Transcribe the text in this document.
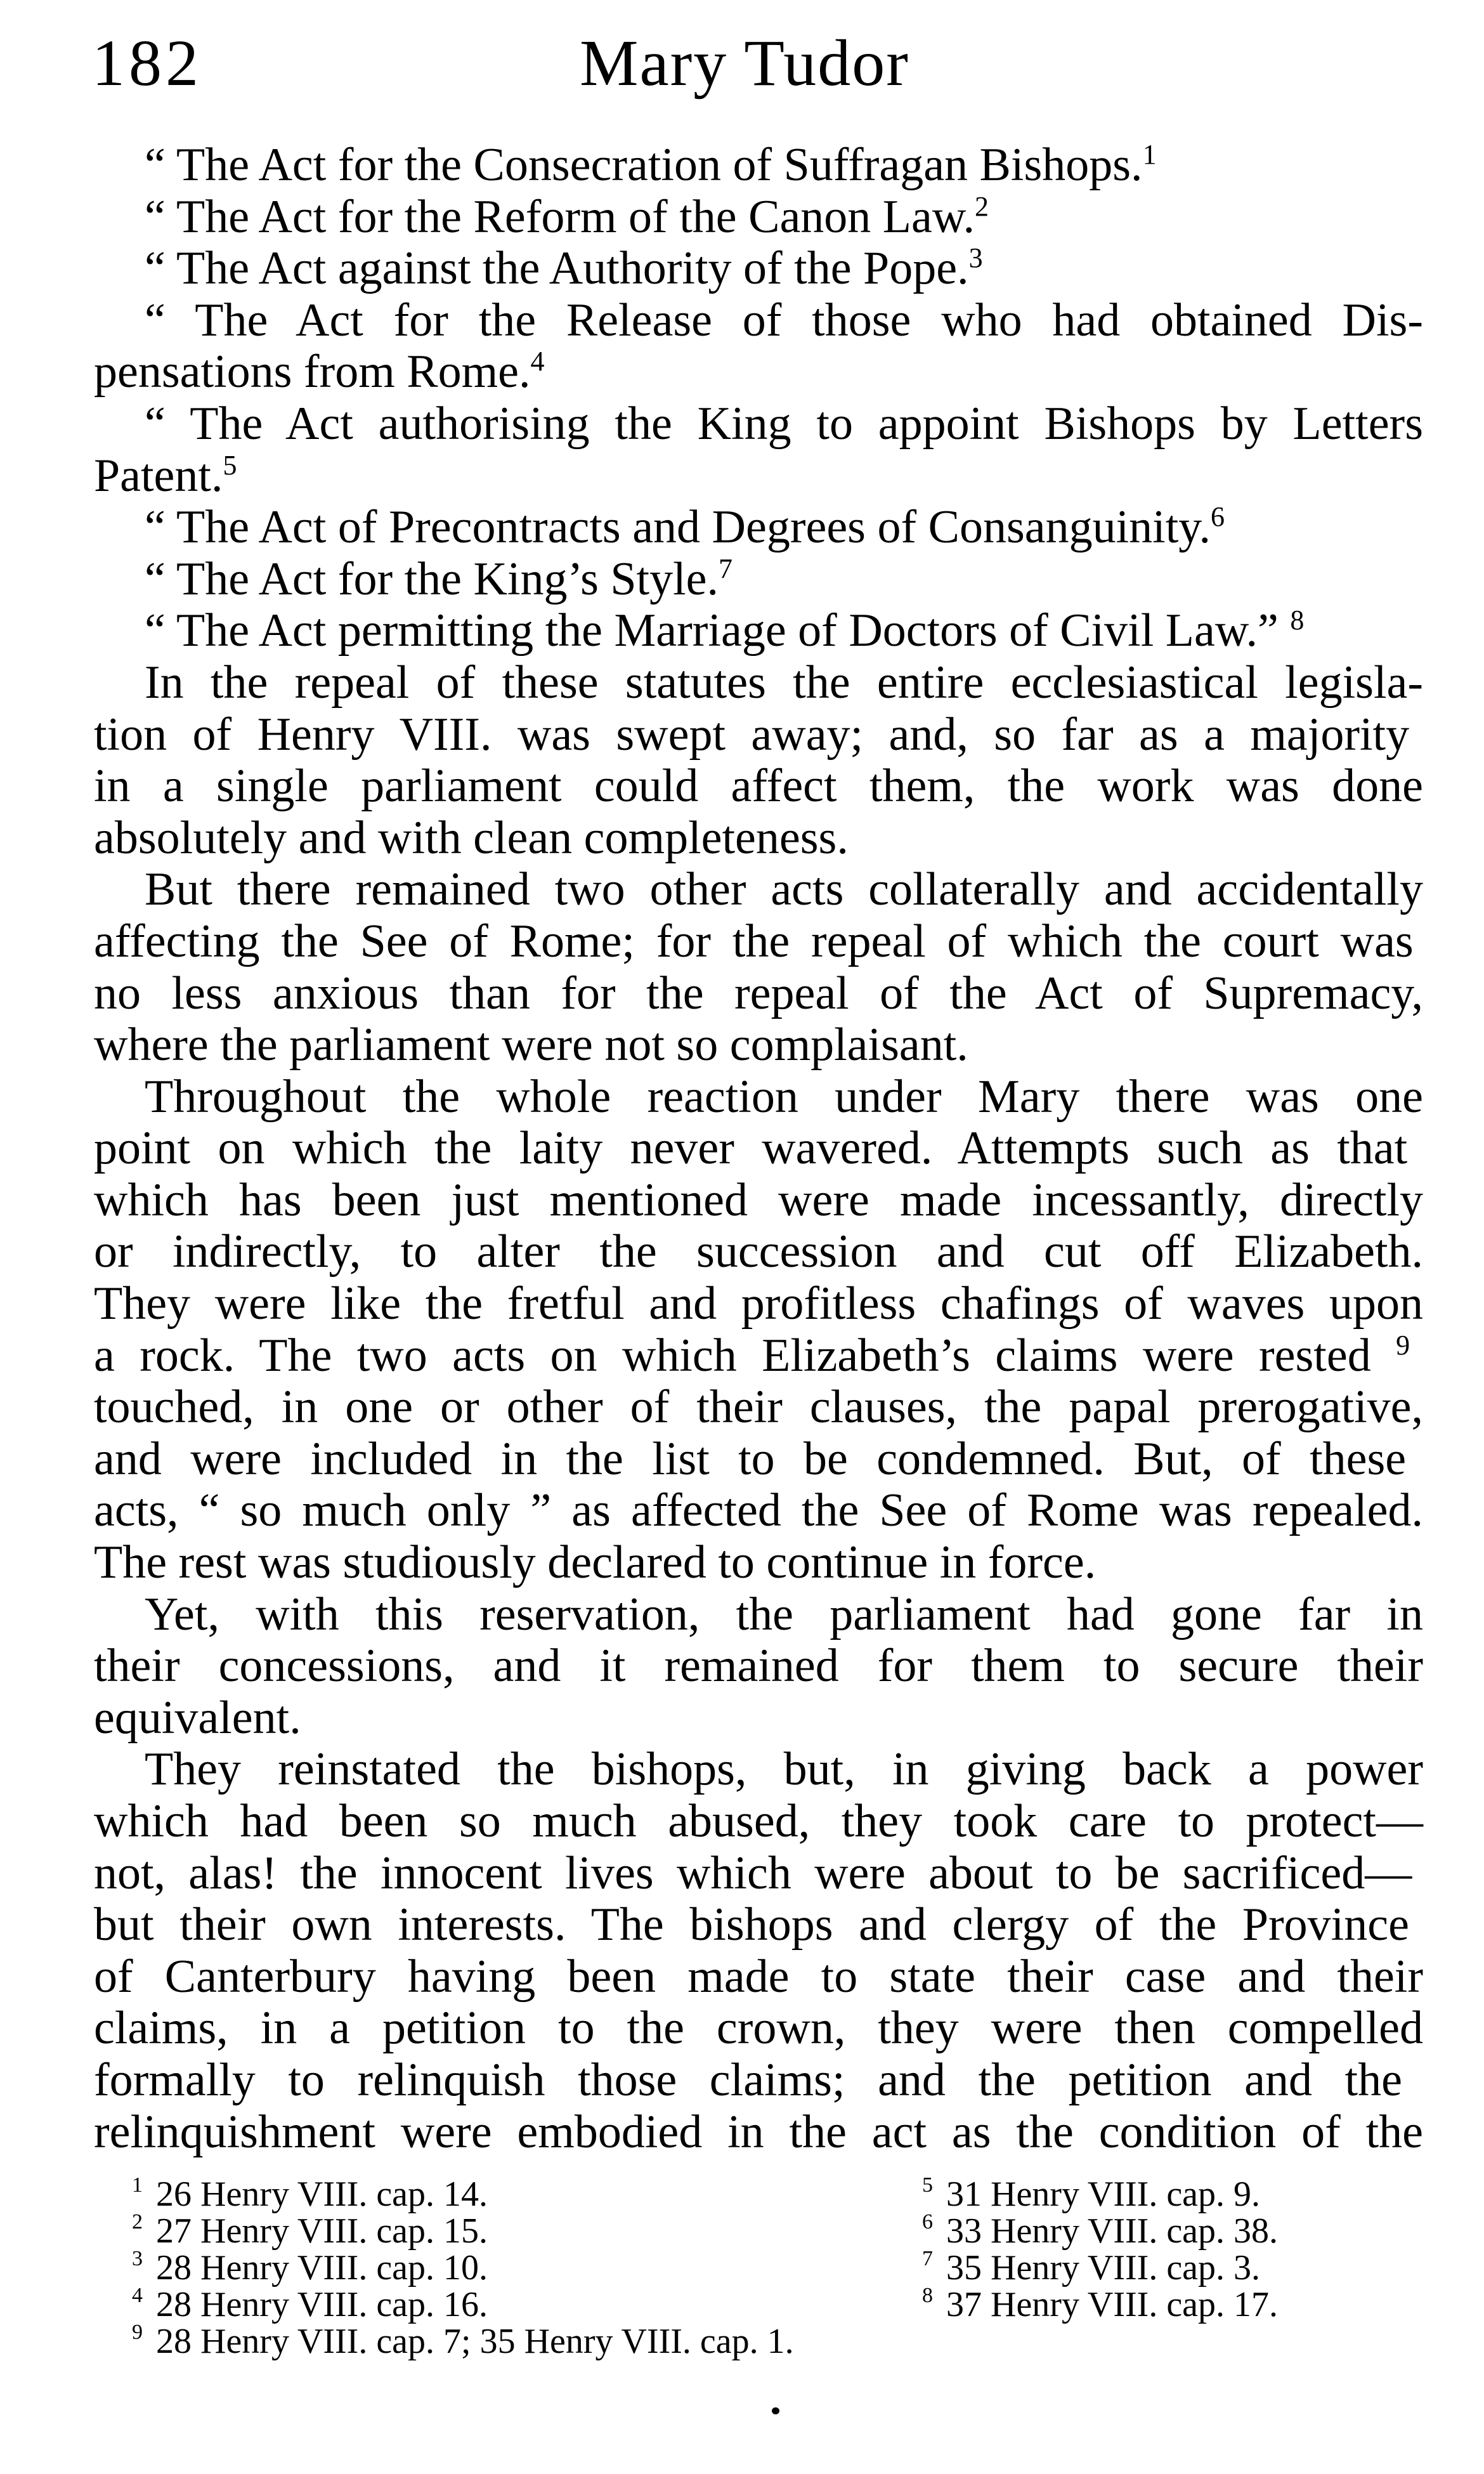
182	Mary Tudor
“ The Act for the Consecration of Suffragan Bishops.$^1$
“ The Act for the Reform of the Canon Law.$^2$
“ The Act against the Authority of the Pope.$^3$
“ The Act for the Release of those who had obtained Dis-
pensations from Rome.$^4$
“ The Act authorising the King to appoint Bishops by Letters
Patent.$^5$
“ The Act of Precontracts and Degrees of Consanguinity.$^6$
“ The Act for the King’s Style.$^7$
“ The Act permitting the Marriage of Doctors of Civil Law.” $^8$
In the repeal of these statutes the entire ecclesiastical legisla-
tion of Henry VIII. was swept away; and, so far as a majority
in a single parliament could affect them, the work was done
absolutely and with clean completeness.
But there remained two other acts collaterally and accidentally
affecting the See of Rome; for the repeal of which the court was
no less anxious than for the repeal of the Act of Supremacy,
where the parliament were not so complaisant.
Throughout the whole reaction under Mary there was one
point on which the laity never wavered. Attempts such as that
which has been just mentioned were made incessantly, directly
or indirectly, to alter the succession and cut off Elizabeth.
They were like the fretful and profitless chafings of waves upon
a rock. The two acts on which Elizabeth’s claims were rested $^9$
touched, in one or other of their clauses, the papal prerogative,
and were included in the list to be condemned. But, of these
acts, “ so much only ” as affected the See of Rome was repealed.
The rest was studiously declared to continue in force.
Yet, with this reservation, the parliament had gone far in
their concessions, and it remained for them to secure their
equivalent.
They reinstated the bishops, but, in giving back a power
which had been so much abused, they took care to protect—
not, alas! the innocent lives which were about to be sacrificed—
but their own interests. The bishops and clergy of the Province
of Canterbury having been made to state their case and their
claims, in a petition to the crown, they were then compelled
formally to relinquish those claims; and the petition and the
relinquishment were embodied in the act as the condition of the
1 26 Henry VIII. cap. 14.
2 27 Henry VIII. cap. 15.
3 28 Henry VIII. cap. 10.
4 28 Henry VIII. cap. 16.
5 31 Henry VIII. cap. 9.
6 33 Henry VIII. cap. 38.
7 35 Henry VIII. cap. 3.
8 37 Henry VIII. cap. 17.
9 28 Henry VIII. cap. 7; 35 Henry VIII. cap. 1.
